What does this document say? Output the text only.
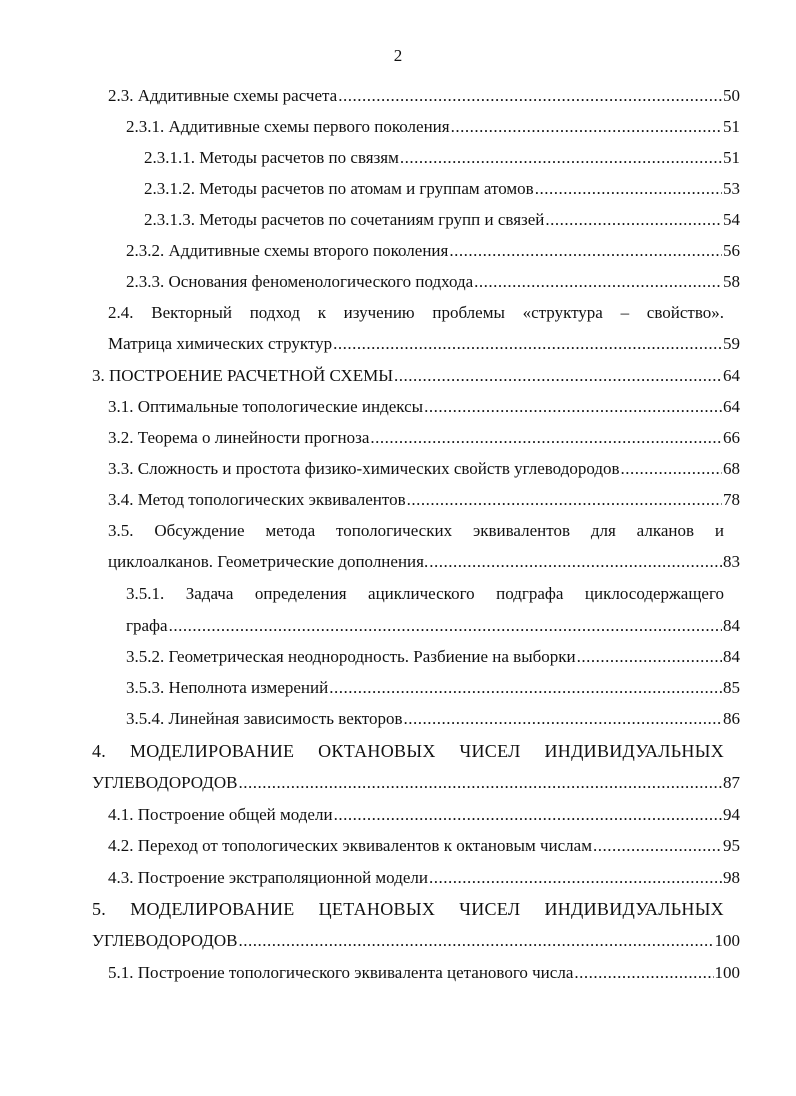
2
2.3. Аддитивные схемы расчета .....	50
2.3.1. Аддитивные схемы первого поколения .....	51
2.3.1.1. Методы расчетов по связям .....	51
2.3.1.2. Методы расчетов по атомам и группам атомов .....	53
2.3.1.3. Методы расчетов по сочетаниям групп и связей .....	54
2.3.2. Аддитивные схемы второго поколения .....	56
2.3.3. Основания феноменологического подхода .....	58
2.4. Векторный подход к изучению проблемы «структура – свойство».
Матрица химических структур .....	59
3. ПОСТРОЕНИЕ РАСЧЕТНОЙ СХЕМЫ .....	64
3.1. Оптимальные топологические индексы .....	64
3.2. Теорема о линейности прогноза .....	66
3.3. Сложность и простота физико-химических свойств углеводородов .....	68
3.4. Метод топологических эквивалентов .....	78
3.5. Обсуждение метода топологических эквивалентов для алканов и
циклоалканов. Геометрические дополнения. .....	83
3.5.1. Задача определения ациклического подграфа циклосодержащего
графа .....	84
3.5.2. Геометрическая неоднородность. Разбиение на выборки .....	84
3.5.3. Неполнота измерений .....	85
3.5.4. Линейная зависимость векторов .....	86
4. МОДЕЛИРОВАНИЕ ОКТАНОВЫХ ЧИСЕЛ ИНДИВИДУАЛЬНЫХ
УГЛЕВОДОРОДОВ .....	87
4.1. Построение общей модели .....	94
4.2. Переход от топологических эквивалентов к октановым числам .....	95
4.3. Построение экстраполяционной модели .....	98
5. МОДЕЛИРОВАНИЕ ЦЕТАНОВЫХ ЧИСЕЛ ИНДИВИДУАЛЬНЫХ
УГЛЕВОДОРОДОВ .....	100
5.1. Построение топологического эквивалента цетанового числа .....	100
